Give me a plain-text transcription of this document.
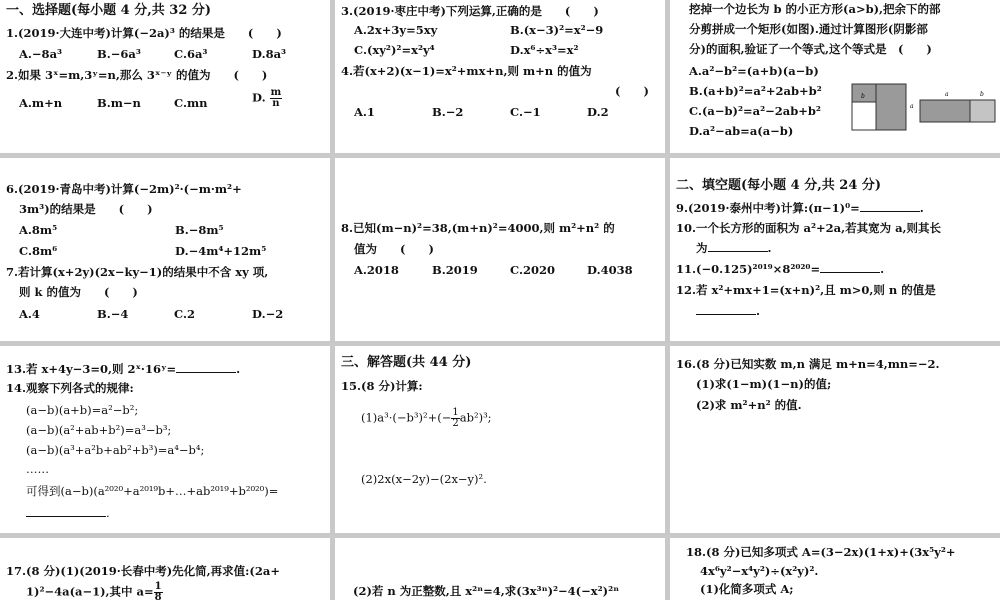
一、选择题(每小题 4 分,共 32 分)
1.(2019·大连中考)计算(−2a)³ 的结果是　　(　　)
A.−8a³	B.−6a³	C.6a³	D.8a³
2.如果 3ˣ=m,3ʸ=n,那么 3ˣ⁻ʸ 的值为　　(　　)
A.m+n	B.m−n	C.mn	D. $\frac{m}{n}$
3.(2019·枣庄中考)下列运算,正确的是　　(　　)
A.2x+3y=5xy	B.(x−3)²=x²−9
C.(xy²)²=x²y⁴	D.x⁶÷x³=x²
4.若(x+2)(x−1)=x²+mx+n,则 m+n 的值为
(　　)
A.1	B.−2	C.−1	D.2
挖掉一个边长为 b 的小正方形(a>b),把余下的部
分剪拼成一个矩形(如图).通过计算图形(阴影部
分)的面积,验证了一个等式,这个等式是　(　　)
A.a²−b²=(a+b)(a−b)
B.(a+b)²=a²+2ab+b²
C.(a−b)²=a²−2ab+b²
D.a²−ab=a(a−b)
b
a
a	b
6.(2019·青岛中考)计算(−2m)²·(−m·m²+
3m³)的结果是　　(　　)
A.8m⁵	B.−8m⁵
C.8m⁶	D.−4m⁴+12m⁵
7.若计算(x+2y)(2x−ky−1)的结果中不含 xy 项,
则 k 的值为　　(　　)
A.4	B.−4	C.2	D.−2
8.已知(m−n)²=38,(m+n)²=4000,则 m²+n² 的
值为　　(　　)
A.2018	B.2019	C.2020	D.4038
二、填空题(每小题 4 分,共 24 分)
9.(2019·泰州中考)计算:(π−1)⁰=	.
10.一个长方形的面积为 a²+2a,若其宽为 a,则其长
为	.
11.(−0.125)²⁰¹⁹×8²⁰²⁰=	.
12.若 x²+mx+1=(x+n)²,且 m>0,则 n 的值是
.
13.若 x+4y−3=0,则 2ˣ·16ʸ=	.
14.观察下列各式的规律:
(a−b)(a+b)=a²−b²;
(a−b)(a²+ab+b²)=a³−b³;
(a−b)(a³+a²b+ab²+b³)=a⁴−b⁴;
……
可得到(a−b)(a²⁰²⁰+a²⁰¹⁹b+…+ab²⁰¹⁹+b²⁰²⁰)=
.
三、解答题(共 44 分)
15.(8 分)计算:
$(1)a^3\cdot(-b^3)^2+(- \frac{1}{2} ab^2)^3$;
(2)2x(x−2y)−(2x−y)².
16.(8 分)已知实数 m,n 满足 m+n=4,mn=−2.
(1)求(1−m)(1−n)的值;
(2)求 m²+n² 的值.
17.(8 分)(1)(2019·长春中考)先化简,再求值:(2a+
1)²−4a(a−1),其中 $a= \frac{1}{8}$	(2)若 n 为正整数,且 x²ⁿ=4,求(3x³ⁿ)²−4(−x²)²ⁿ
18.(8 分)已知多项式 A=(3−2x)(1+x)+(3x⁵y²+
4x⁶y²−x⁴y²)÷(x²y)².
(1)化简多项式 A;
